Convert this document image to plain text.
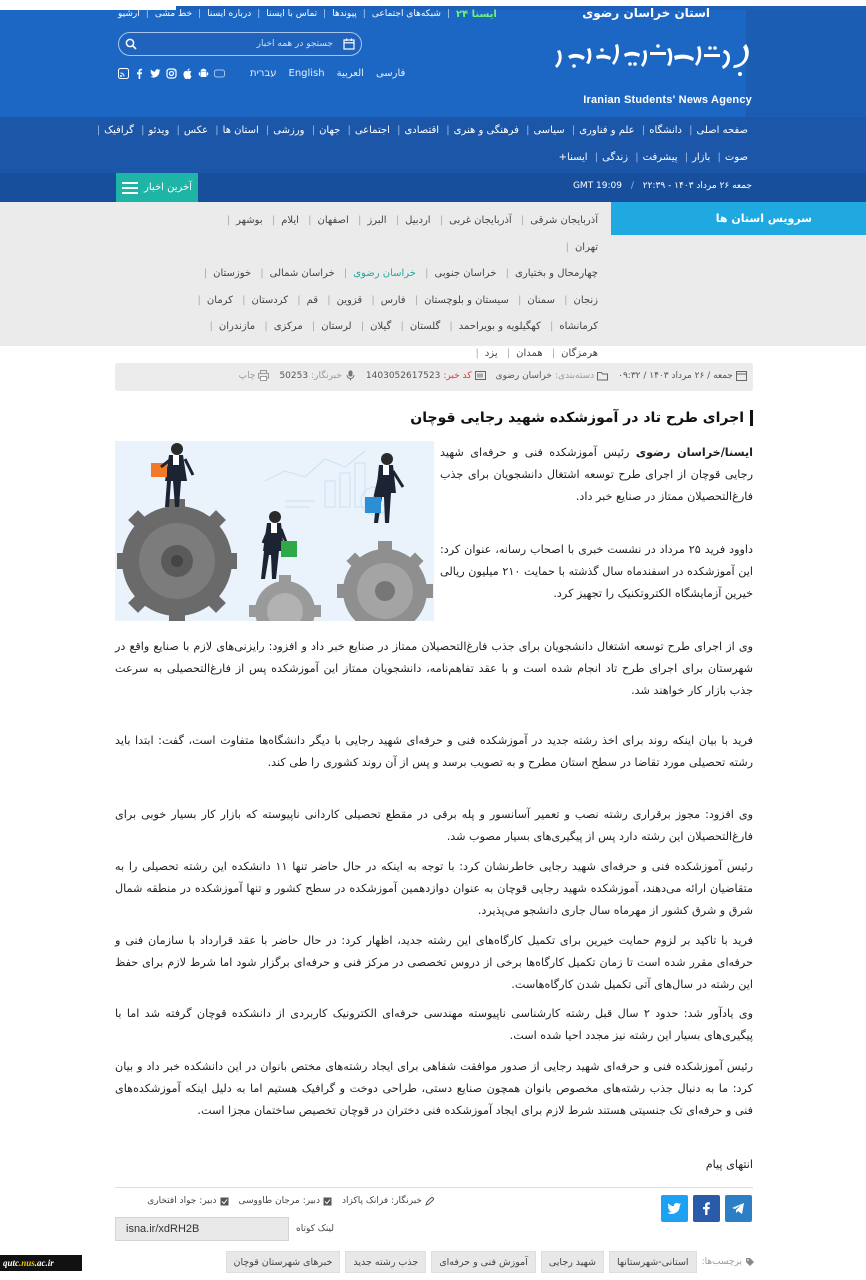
استان خراسان رضوی
آرشیو | خط مشی | درباره ایسنا | تماس با ایسنا | پیوندها | شبکه‌های اجتماعی | ایسنا ۲۴
جستجو در همه اخبار
עברית English العربیة فارسی
Iranian Students' News Agency
صفحه اصلی| دانشگاه| علم و فناوری| سیاسی| فرهنگی و هنری| اقتصادی| اجتماعی| جهان| ورزشی| استان ها| عکس| ویدئو| گرافیک|
صوت| بازار| پیشرفت| زندگی| ایسنا+
جمعه ۲۶ مرداد ۱۴۰۳ - ۲۲:۳۹ / GMT 19:09
آخرین اخبار
سرویس استان ها
آذربایجان شرقی| آذربایجان غربی| اردبیل| البرز| اصفهان| ایلام| بوشهر| تهران|
چهارمحال و بختیاری| خراسان جنوبی| خراسان رضوی| خراسان شمالی| خوزستان|
زنجان| سمنان| سیستان و بلوچستان| فارس| قزوین| قم| کردستان| کرمان|
کرمانشاه| کهگیلویه و بویراحمد| گلستان| گیلان| لرستان| مرکزی| مازندران|
هرمزگان| همدان| یزد|
جمعه / ۲۶ مرداد ۱۴۰۳ / ۰۹:۳۲
دسته‌بندی:
خراسان رضوی
کد خبر:
1403052617523
خبرنگار:
50253
چاپ
اجرای طرح تاد در آموزشکده شهید رجایی قوچان

ایسنا/خراسان رضوی رئیس آموزشکده فنی و حرفه‌ای شهید رجایی قوچان از اجرای طرح توسعه اشتغال دانشجویان برای جذب فارغ‌التحصیلان ممتاز در صنایع خبر داد.

داوود فرید ۲۵ مرداد در نشست خبری با اصحاب رسانه، عنوان کرد: این آموزشکده در اسفندماه سال گذشته با حمایت ۲۱۰ میلیون ریالی خیرین آزمایشگاه الکتروتکنیک را تجهیز کرد.

وی از اجرای طرح توسعه اشتغال دانشجویان برای جذب فارغ‌التحصیلان ممتاز در صنایع خبر داد و افزود: رایزنی‌های لازم با صنایع واقع در شهرستان برای اجرای طرح تاد انجام شده است و با عقد تفاهم‌نامه، دانشجویان ممتاز این آموزشکده پس از فارغ‌التحصیلی به سرعت جذب بازار کار خواهند شد.

فرید با بیان اینکه روند برای اخذ رشته جدید در آموزشکده فنی و حرفه‌ای شهید رجایی با دیگر دانشگاه‌ها متفاوت است، گفت: ابتدا باید رشته تحصیلی مورد تقاضا در سطح استان مطرح و به تصویب برسد و پس از آن روند کشوری را طی کند.

وی افزود: مجوز برقراری رشته نصب و تعمیر آسانسور و پله برقی در مقطع تحصیلی کاردانی ناپیوسته که بازار کار بسیار خوبی برای فارغ‌التحصیلان این رشته دارد پس از پیگیری‌های بسیار مصوب شد.

رئیس آموزشکده فنی و حرفه‌ای شهید رجایی خاطرنشان کرد: با توجه به اینکه در حال حاضر تنها ۱۱ دانشکده این رشته تحصیلی را به متقاضیان ارائه می‌دهند، آموزشکده شهید رجایی قوچان به عنوان دوازدهمین آموزشکده در سطح کشور و تنها آموزشکده در منطقه شمال شرق و شرق کشور از مهرماه سال جاری دانشجو می‌پذیرد.

فرید با تاکید بر لزوم حمایت خیرین برای تکمیل کارگاه‌های این رشته جدید، اظهار کرد: در حال حاضر با عقد قرارداد با سازمان فنی و حرفه‌ای مقرر شده است تا زمان تکمیل کارگاه‌ها برخی از دروس تخصصی در مرکز فنی و حرفه‌ای برگزار شود اما شرط لازم برای حفظ این رشته در سال‌های آتی تکمیل شدن کارگاه‌هاست.

وی یادآور شد: حدود ۲ سال قبل رشته کارشناسی ناپیوسته مهندسی حرفه‌ای الکترونیک کاربردی از دانشکده قوچان گرفته شد اما با پیگیری‌های بسیار این رشته نیز مجدد احیا شده است.

رئیس آموزشکده فنی و حرفه‌ای شهید رجایی از صدور موافقت شفاهی برای ایجاد رشته‌های مختص بانوان در این دانشکده خبر داد و بیان کرد: ما به دنبال جذب رشته‌های مخصوص بانوان همچون صنایع دستی، طراحی دوخت و گرافیک هستیم اما به دلیل اینکه آموزشکده‌های فنی و حرفه‌ای تک جنسیتی هستند شرط لازم برای ایجاد آموزشکده فنی دختران در قوچان تخصیص ساختمان مجزا است.

انتهای پیام

خبرنگار:
فرانک پاکزاد
دبیر:
مرجان طاووسی
دبیر:
جواد افتخاری
لینک کوتاه
isna.ir/xdRH2B
برچسب‌ها:
استانی-شهرستانها
شهید رجایی
آموزش فنی و حرفه‌ای
جذب رشته جدید
خبرهای شهرستان قوچان
qutc.nus.ac.ir
